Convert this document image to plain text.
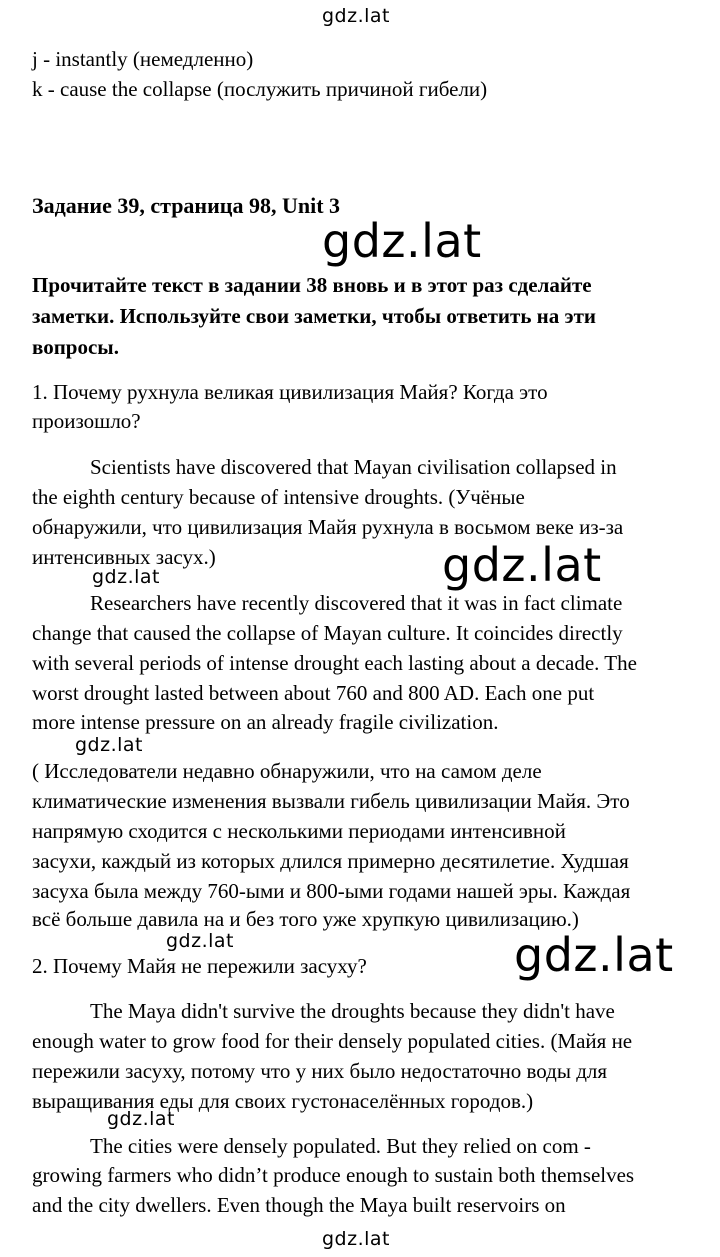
gdz.lat
j - instantly (немедленно)
k - cause the collapse (послужить причиной гибели)
Задание 39, страница 98, Unit 3
gdz.lat
Прочитайте текст в задании 38 вновь и в этот раз сделайте
заметки. Используйте свои заметки, чтобы ответить на эти
вопросы.
1. Почему рухнула великая цивилизация Майя? Когда это
произошло?
Scientists have discovered that Mayan civilisation collapsed in
the eighth century because of intensive droughts. (Учёные
обнаружили, что цивилизация Майя рухнула в восьмом веке из-за
интенсивных засух.)
gdz.lat	gdz.lat
Researchers have recently discovered that it was in fact climate
change that caused the collapse of Mayan culture. It coincides directly
with several periods of intense drought each lasting about a decade. The
worst drought lasted between about 760 and 800 AD. Each one put
more intense pressure on an already fragile civilization.
gdz.lat
( Исследователи недавно обнаружили, что на самом деле
климатические изменения вызвали гибель цивилизации Майя. Это
напрямую сходится с несколькими периодами интенсивной
засухи, каждый из которых длился примерно десятилетие. Худшая
засуха была между 760-ыми и 800-ыми годами нашей эры. Каждая
всё больше давила на и без того уже хрупкую цивилизацию.)
gdz.lat
2. Почему Майя не пережили засуху?	gdz.lat
The Maya didn't survive the droughts because they didn't have
enough water to grow food for their densely populated cities. (Майя не
пережили засуху, потому что у них было недостаточно воды для
выращивания еды для своих густонаселённых городов.)
gdz.lat
The cities were densely populated. But they relied on com -
growing farmers who didn’t produce enough to sustain both themselves
and the city dwellers. Even though the Maya built reservoirs on
gdz.lat
